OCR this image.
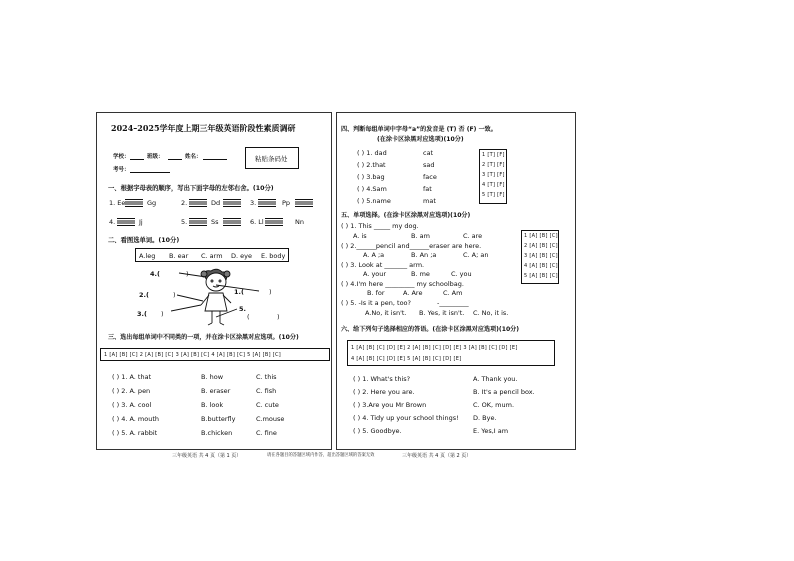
2024–2025学年度上期三年级英语阶段性素质调研
学校：	班级：	姓名：
考号：
粘贴条码处
一、根据字母表的顺序，写出下面字母的左邻右舍。(10分)
1. Ee	Gg	2.	Dd	3.	Pp
4.	Jj	5.	Ss	6. Ll	Nn
二、看图选单词。(10分)
A.leg B. ear C. arm D. eye E. body
4.(	)
1.(	)
2.(	)
3.( )
5.
(	)
三、选出每组单词中不同类的一项，并在涂卡区涂黑对应选项。(10分)
1 [A] [B] [C] 2 [A] [B] [C] 3 [A] [B] [C] 4 [A] [B] [C] 5 [A] [B] [C]
( ) 1. A. that	B. how	C. this
( ) 2. A. pen	B. eraser	C. fish
( ) 3. A. cool	B. look	C. cute
( ) 4. A. mouth	B.butterfly	C.mouse
( ) 5. A. rabbit	B.chicken	C. fine
四、判断每组单词中字母“a”的发音是 (T) 否 (F) 一致。
(在涂卡区涂黑对应选项)(10分)
( ) 1. dad	cat
( ) 2.that	sad
( ) 3.bag	face
( ) 4.Sam	fat
( ) 5.name	mat
1 [T] [F]
2 [T] [F]
3 [T] [F]
4 [T] [F]
5 [T] [F]
五、单项选择。(在涂卡区涂黑对应选项)(10分)
( ) 1. This _____ my dog.
A. is	B. am	C. are
( ) 2.______pencil and______eraser are here.
A. A ;a	B. An ;a	C. A; an
( ) 3. Look at _______ arm.
A. your	B. me	C. you
( ) 4.I'm here _________ my schoolbag.
B. for	A. Are	C. Am
( ) 5. -Is it a pen, too?	-_________
A.No, it isn't. B. Yes, it isn't. C. No, it is.
1 [A] [B] [C]
2 [A] [B] [C]
3 [A] [B] [C]
4 [A] [B] [C]
5 [A] [B] [C]
六、给下列句子选择相应的答语。(在涂卡区涂黑对应选项)(10分)
1 [A] [B] [C] [D] [E] 2 [A] [B] [C] [D] [E] 3 [A] [B] [C] [D] [E]
4 [A] [B] [C] [D] [E] 5 [A] [B] [C] [D] [E]
( ) 1. What's this?	A. Thank you.
( ) 2. Here you are.	B. It's a pencil box.
( ) 3.Are you Mr Brown	C. OK, mum.
( ) 4. Tidy up your school things! D. Bye.
( ) 5. Goodbye.	E. Yes,I am
三年级英语 共 4 页（第 1 页）	请在各题目的答题区域内作答，超出答题区域的答案无效	三年级英语 共 4 页（第 2 页）
